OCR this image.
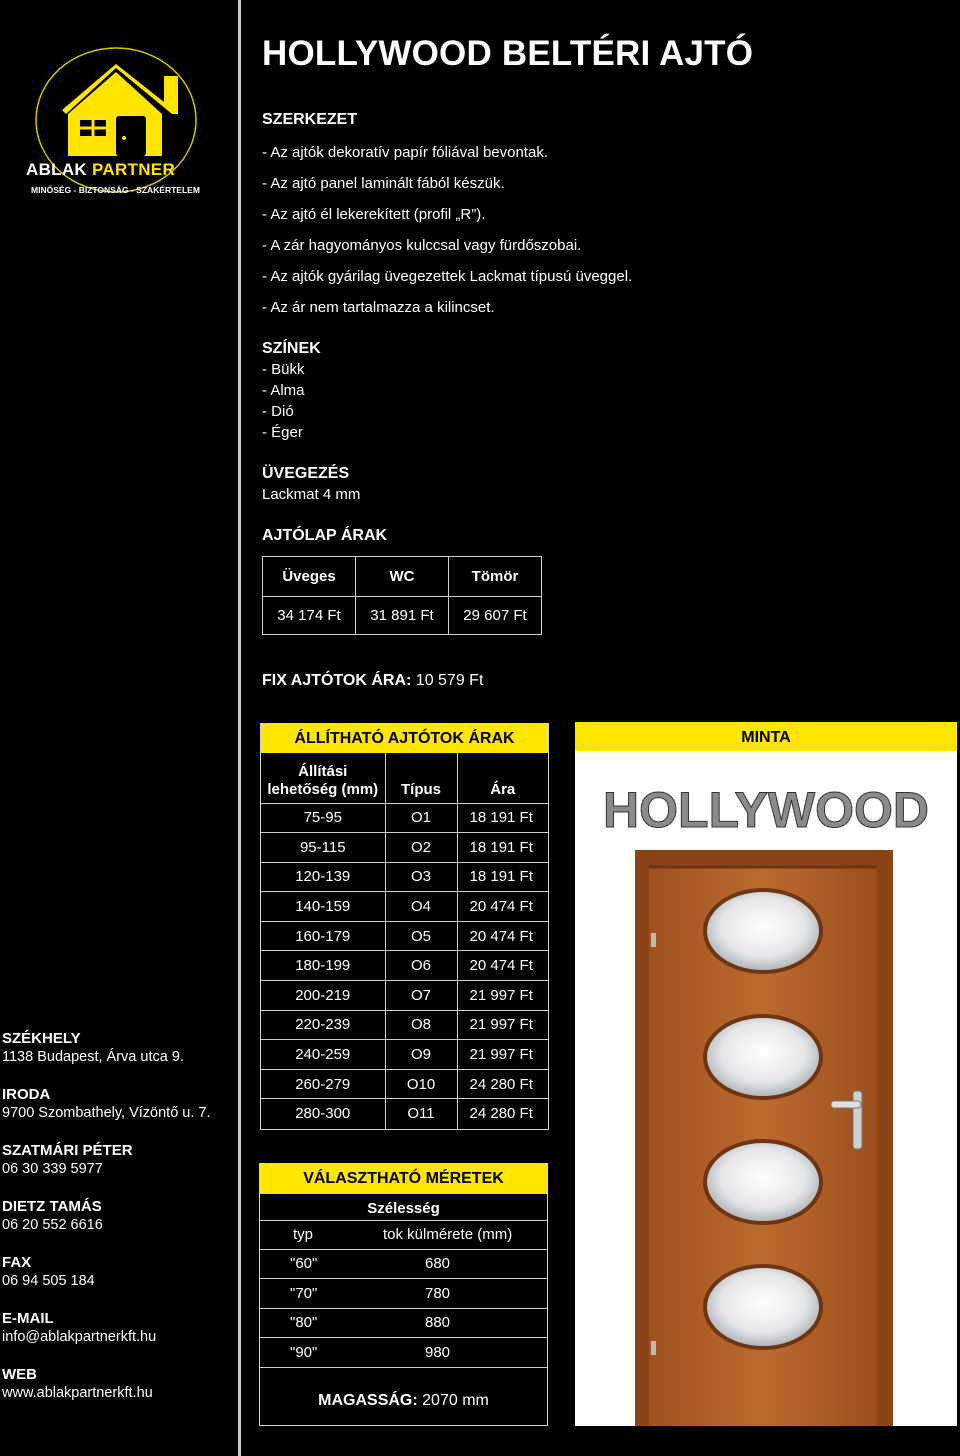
ABLAK PARTNER
MINŐSÉG - BIZTONSÁG - SZAKÉRTELEM
SZÉKHELY
1138 Budapest, Árva utca 9.
IRODA
9700 Szombathely, Vízöntő u. 7.
SZATMÁRI PÉTER
06 30 339 5977
DIETZ TAMÁS
06 20 552 6616
FAX
06 94 505 184
E-MAIL
info@ablakpartnerkft.hu
WEB
www.ablakpartnerkft.hu
HOLLYWOOD BELTÉRI AJTÓ
SZERKEZET
- Az ajtók dekoratív papír fóliával bevontak.
- Az ajtó panel laminált fából készük.
- Az ajtó él lekerekített (profil „R”).
- A zár hagyományos kulccsal vagy fürdőszobai.
- Az ajtók gyárilag üvegezettek Lackmat típusú üveggel.
- Az ár nem tartalmazza a kilincset.
SZÍNEK
- Bükk
- Alma
- Dió
- Éger
ÜVEGEZÉS
Lackmat 4 mm
AJTÓLAP ÁRAK
Üveges	WC	Tömör
34 174 Ft	31 891 Ft	29 607 Ft
FIX AJTÓTOK ÁRA: 10 579 Ft
ÁLLÍTHATÓ AJTÓTOK ÁRAK
Állítási
lehetőség (mm)	Típus	Ára
75-95	O1	18 191 Ft
95-115	O2	18 191 Ft
120-139	O3	18 191 Ft
140-159	O4	20 474 Ft
160-179	O5	20 474 Ft
180-199	O6	20 474 Ft
200-219	O7	21 997 Ft
220-239	O8	21 997 Ft
240-259	O9	21 997 Ft
260-279	O10	24 280 Ft
280-300	O11	24 280 Ft
VÁLASZTHATÓ MÉRETEK
Szélesség
typ	tok külmérete (mm)
"60"	680
"70"	780
"80"	880
"90"	980
MAGASSÁG: 2070 mm
MINTA
HOLLYWOOD
